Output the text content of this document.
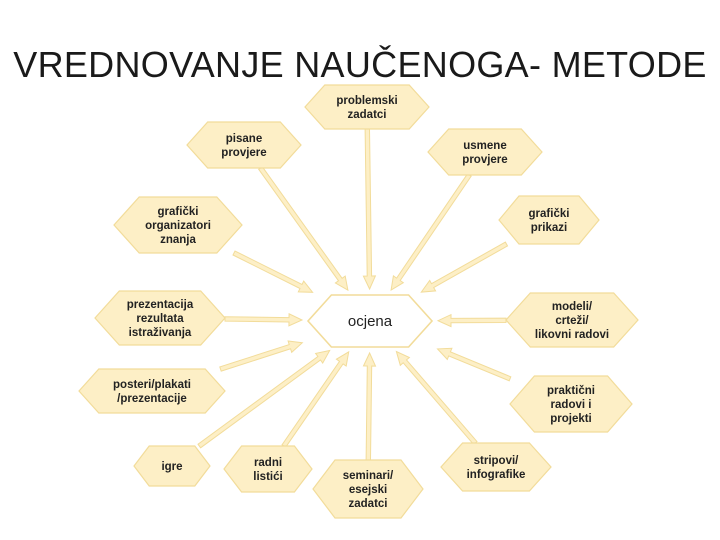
VREDNOVANJE NAUČENOGA- METODE
problemski zadatci
pisane provjere
usmene provjere
grafički organizatori znanja
grafički prikazi
prezentacija rezultata istraživanja
modeli/ crteži/ likovni radovi
posteri/plakati /prezentacije
praktični radovi i projekti
igre	radni listići	seminari/ esejski zadatci
stripovi/ infografike
ocjena
